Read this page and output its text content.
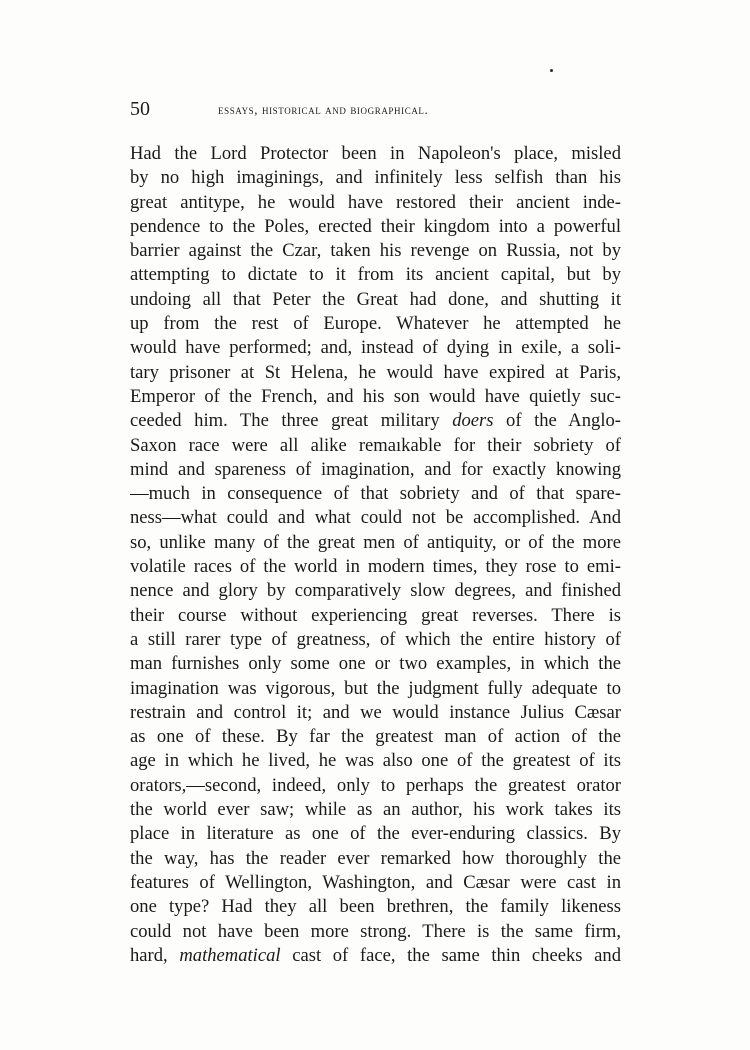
50	essays, historical and biographical.
Had the Lord Protector been in Napoleon's place, misled
by no high imaginings, and infinitely less selfish than his
great antitype, he would have restored their ancient inde-
pendence to the Poles, erected their kingdom into a powerful
barrier against the Czar, taken his revenge on Russia, not by
attempting to dictate to it from its ancient capital, but by
undoing all that Peter the Great had done, and shutting it
up from the rest of Europe. Whatever he attempted he
would have performed; and, instead of dying in exile, a soli-
tary prisoner at St Helena, he would have expired at Paris,
Emperor of the French, and his son would have quietly suc-
ceeded him. The three great military doers of the Anglo-
Saxon race were all alike remaıkable for their sobriety of
mind and spareness of imagination, and for exactly knowing
—much in consequence of that sobriety and of that spare-
ness—what could and what could not be accomplished. And
so, unlike many of the great men of antiquity, or of the more
volatile races of the world in modern times, they rose to emi-
nence and glory by comparatively slow degrees, and finished
their course without experiencing great reverses. There is
a still rarer type of greatness, of which the entire history of
man furnishes only some one or two examples, in which the
imagination was vigorous, but the judgment fully adequate to
restrain and control it; and we would instance Julius Cæsar
as one of these. By far the greatest man of action of the
age in which he lived, he was also one of the greatest of its
orators,—second, indeed, only to perhaps the greatest orator
the world ever saw; while as an author, his work takes its
place in literature as one of the ever-enduring classics. By
the way, has the reader ever remarked how thoroughly the
features of Wellington, Washington, and Cæsar were cast in
one type? Had they all been brethren, the family likeness
could not have been more strong. There is the same firm,
hard, mathematical cast of face, the same thin cheeks and
